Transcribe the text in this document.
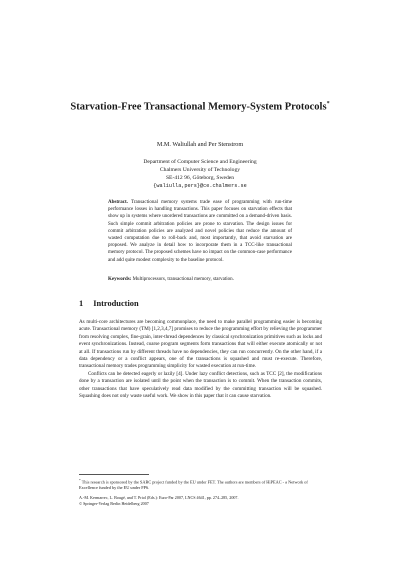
Starvation-Free Transactional Memory-System Protocols*
M.M. Waliullah and Per Stenstrom
Department of Computer Science and Engineering
Chalmers University of Technology
SE-412 96, Göteborg, Sweden
{waliulla,pers}@ce.chalmers.se
Abstract. Transactional memory systems trade ease of programming with run-time performance losses in handling transactions. This paper focuses on starvation effects that show up in systems where unordered transactions are committed on a demand-driven basis. Such simple commit arbitration policies are prone to starvation. The design issues for commit arbitration policies are analyzed and novel policies that reduce the amount of wasted computation due to roll-back and, most importantly, that avoid starvation are proposed. We analyze in detail how to incorporate them in a TCC-like transactional memory protocol. The proposed schemes have no impact on the common-case performance and add quite modest complexity to the baseline protocol.
Keywords: Multiprocessors, transactional memory, starvation.
1 Introduction

As multi-core architectures are becoming commonplace, the need to make parallel programming easier is becoming acute. Transactional memory (TM) [1,2,3,4,7] promises to reduce the programming effort by relieving the programmer from resolving complex, fine-grain, inter-thread dependences by classical synchronization primitives such as locks and event synchronizations. Instead, coarse program segments form transactions that will either execute atomically or not at all. If transactions run by different threads have no dependencies, they can run concurrently. On the other hand, if a data dependency or a conflict appears, one of the transactions is squashed and must re-execute. Therefore, transactional memory trades programming simplicity for wasted execution at run-time.

Conflicts can be detected eagerly or lazily [4]. Under lazy conflict detections, such as TCC [2], the modifications done by a transaction are isolated until the point when the transaction is to commit. When the transaction commits, other transactions that have speculatively read data modified by the committing transaction will be squashed. Squashing does not only waste useful work. We show in this paper that it can cause starvation.

* This research is sponsored by the SARC project funded by the EU under FET. The authors are members of HiPEAC - a Network of Excellence funded by the EU under FP6.
A.-M. Kermarrec, L. Bougé, and T. Priol (Eds.): Euro-Par 2007, LNCS 4641, pp. 274–285, 2007.
© Springer-Verlag Berlin Heidelberg 2007
